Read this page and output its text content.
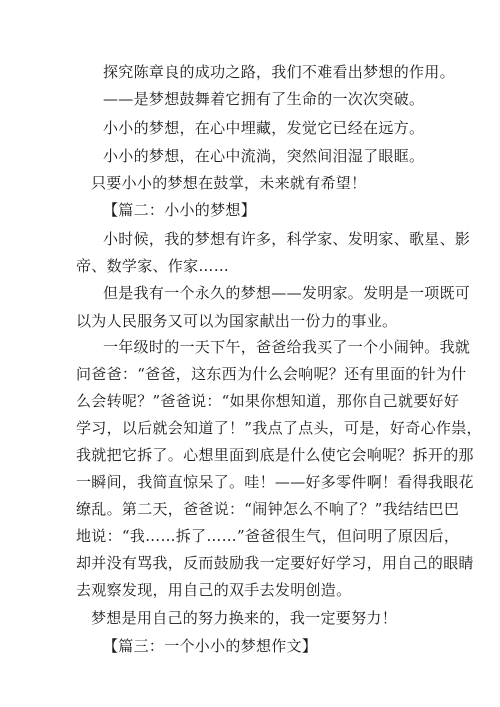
探究陈章良的成功之路，我们不难看出梦想的作用。
——是梦想鼓舞着它拥有了生命的一次次突破。
小小的梦想，在心中埋藏，发觉它已经在远方。
小小的梦想，在心中流淌，突然间泪湿了眼眶。
只要小小的梦想在鼓掌，未来就有希望！
【篇二：小小的梦想】
小时候，我的梦想有许多，科学家、发明家、歌星、影
帝、数学家、作家……
但是我有一个永久的梦想——发明家。发明是一项既可
以为人民服务又可以为国家献出一份力的事业。
一年级时的一天下午，爸爸给我买了一个小闹钟。我就
问爸爸：“爸爸，这东西为什么会响呢？还有里面的针为什
么会转呢？”爸爸说：“如果你想知道，那你自己就要好好
学习，以后就会知道了！”我点了点头，可是，好奇心作祟，
我就把它拆了。心想里面到底是什么使它会响呢？拆开的那
一瞬间，我简直惊呆了。哇！——好多零件啊！看得我眼花
缭乱。第二天，爸爸说：“闹钟怎么不响了？”我结结巴巴
地说：“我……拆了……”爸爸很生气，但问明了原因后，
却并没有骂我，反而鼓励我一定要好好学习，用自己的眼睛
去观察发现，用自己的双手去发明创造。
梦想是用自己的努力换来的，我一定要努力！
【篇三：一个小小的梦想作文】
